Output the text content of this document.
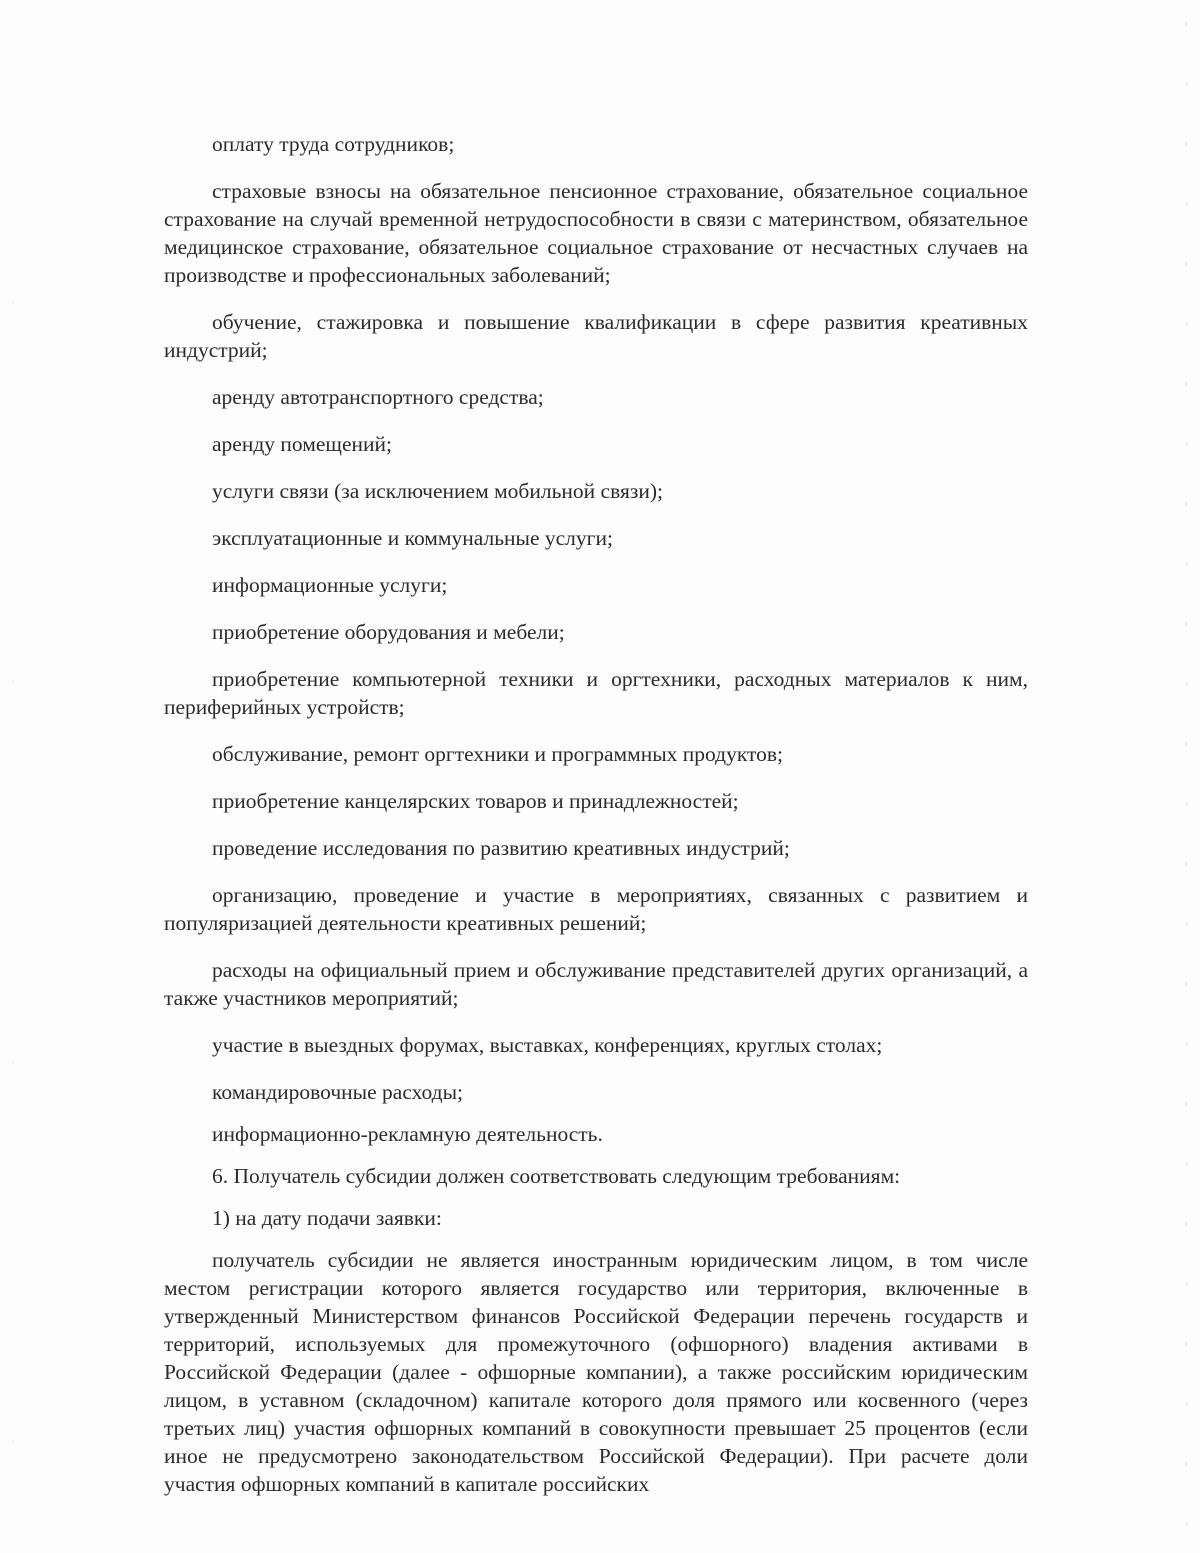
оплату труда сотрудников;

страховые взносы на обязательное пенсионное страхование, обязательное социальное страхование на случай временной нетрудоспособности в связи с материнством, обязательное медицинское страхование, обязательное социальное страхование от несчастных случаев на производстве и профессиональных заболеваний;

обучение, стажировка и повышение квалификации в сфере развития креативных индустрий;

аренду автотранспортного средства;

аренду помещений;

услуги связи (за исключением мобильной связи);

эксплуатационные и коммунальные услуги;

информационные услуги;

приобретение оборудования и мебели;

приобретение компьютерной техники и оргтехники, расходных материалов к ним, периферийных устройств;

обслуживание, ремонт оргтехники и программных продуктов;

приобретение канцелярских товаров и принадлежностей;

проведение исследования по развитию креативных индустрий;

организацию, проведение и участие в мероприятиях, связанных с развитием и популяризацией деятельности креативных решений;

расходы на официальный прием и обслуживание представителей других организаций, а также участников мероприятий;

участие в выездных форумах, выставках, конференциях, круглых столах;

командировочные расходы;

информационно-рекламную деятельность.

6. Получатель субсидии должен соответствовать следующим требованиям:

1) на дату подачи заявки:

получатель субсидии не является иностранным юридическим лицом, в том числе местом регистрации которого является государство или территория, включенные в утвержденный Министерством финансов Российской Федерации перечень государств и территорий, используемых для промежуточного (офшорного) владения активами в Российской Федерации (далее - офшорные компании), а также российским юридическим лицом, в уставном (складочном) капитале которого доля прямого или косвенного (через третьих лиц) участия офшорных компаний в совокупности превышает 25 процентов (если иное не предусмотрено законодательством Российской Федерации). При расчете доли участия офшорных компаний в капитале российских
